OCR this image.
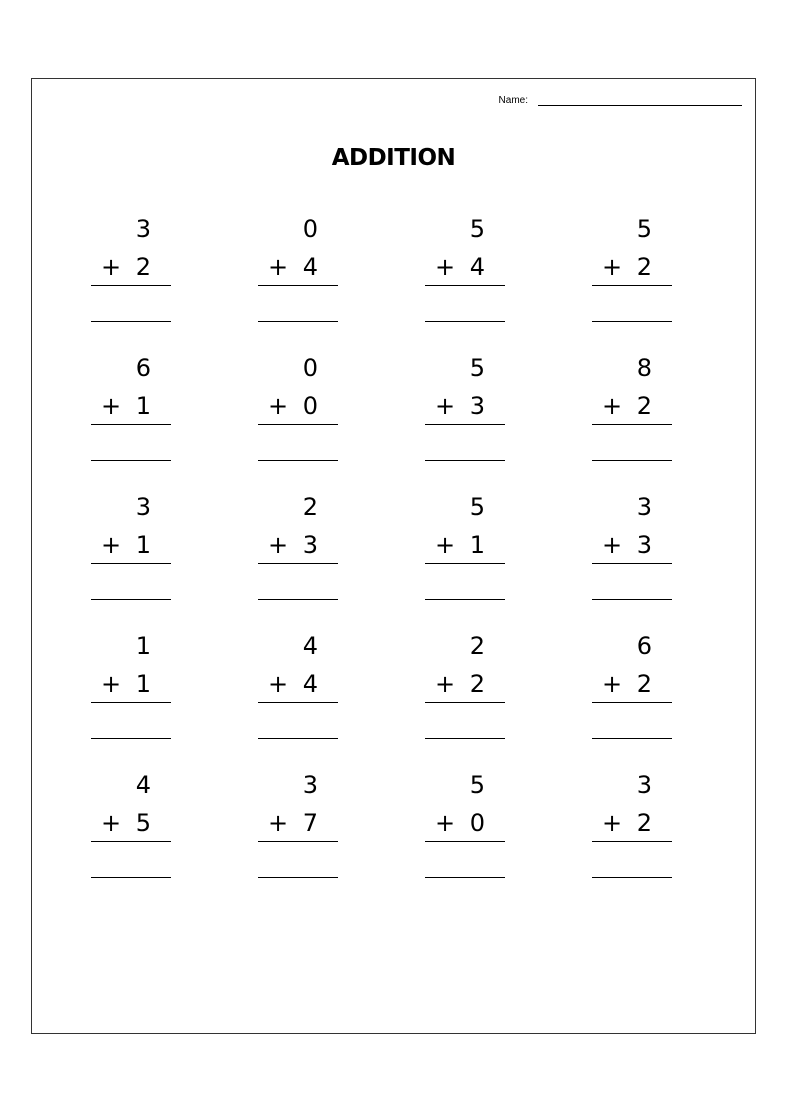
Name:
ADDITION
3
+ 2
0
+ 4
5
+ 4
5
+ 2
6
+ 1
0
+ 0
5
+ 3
8
+ 2
3
+ 1
2
+ 3
5
+ 1
3
+ 3
1
+ 1
4
+ 4
2
+ 2
6
+ 2
4
+ 5
3
+ 7
5
+ 0
3
+ 2
